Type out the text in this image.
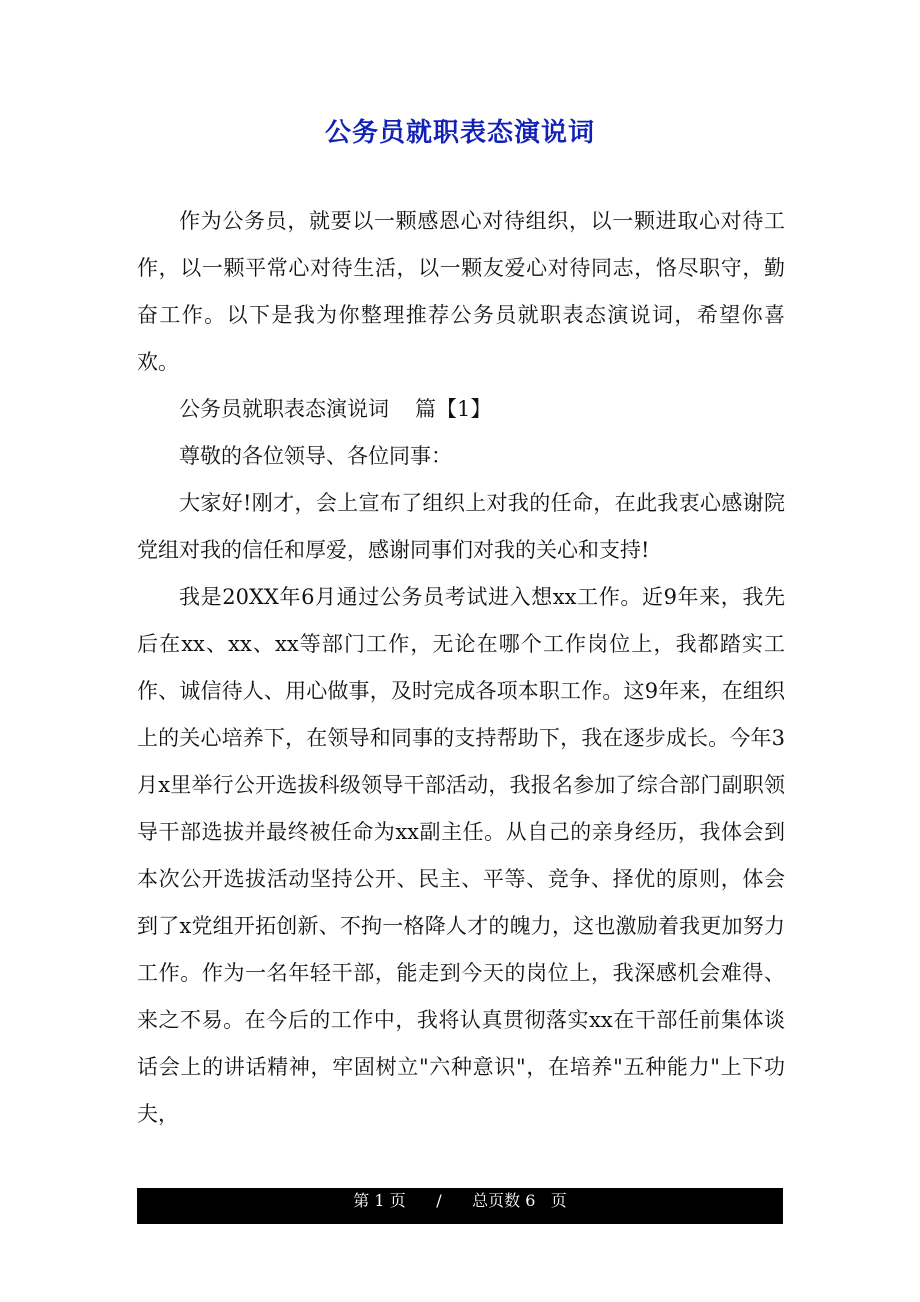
公务员就职表态演说词

作为公务员，就要以一颗感恩心对待组织，以一颗进取心对待工作，以一颗平常心对待生活，以一颗友爱心对待同志，恪尽职守，勤奋工作。以下是我为你整理推荐公务员就职表态演说词，希望你喜欢。

公务员就职表态演说词 篇【1】

尊敬的各位领导、各位同事：

大家好!刚才，会上宣布了组织上对我的任命，在此我衷心感谢院党组对我的信任和厚爱，感谢同事们对我的关心和支持!

我是20XX年6月通过公务员考试进入想xx工作。近9年来，我先后在xx、xx、xx等部门工作，无论在哪个工作岗位上，我都踏实工作、诚信待人、用心做事，及时完成各项本职工作。这9年来，在组织上的关心培养下，在领导和同事的支持帮助下，我在逐步成长。今年3月x里举行公开选拔科级领导干部活动，我报名参加了综合部门副职领导干部选拔并最终被任命为xx副主任。从自己的亲身经历，我体会到本次公开选拔活动坚持公开、民主、平等、竞争、择优的原则，体会到了x党组开拓创新、不拘一格降人才的魄力，这也激励着我更加努力工作。作为一名年轻干部，能走到今天的岗位上，我深感机会难得、来之不易。在今后的工作中，我将认真贯彻落实xx在干部任前集体谈话会上的讲话精神，牢固树立"六种意识"，在培养"五种能力"上下功夫，

第 1 页 / 总页数 6 页
